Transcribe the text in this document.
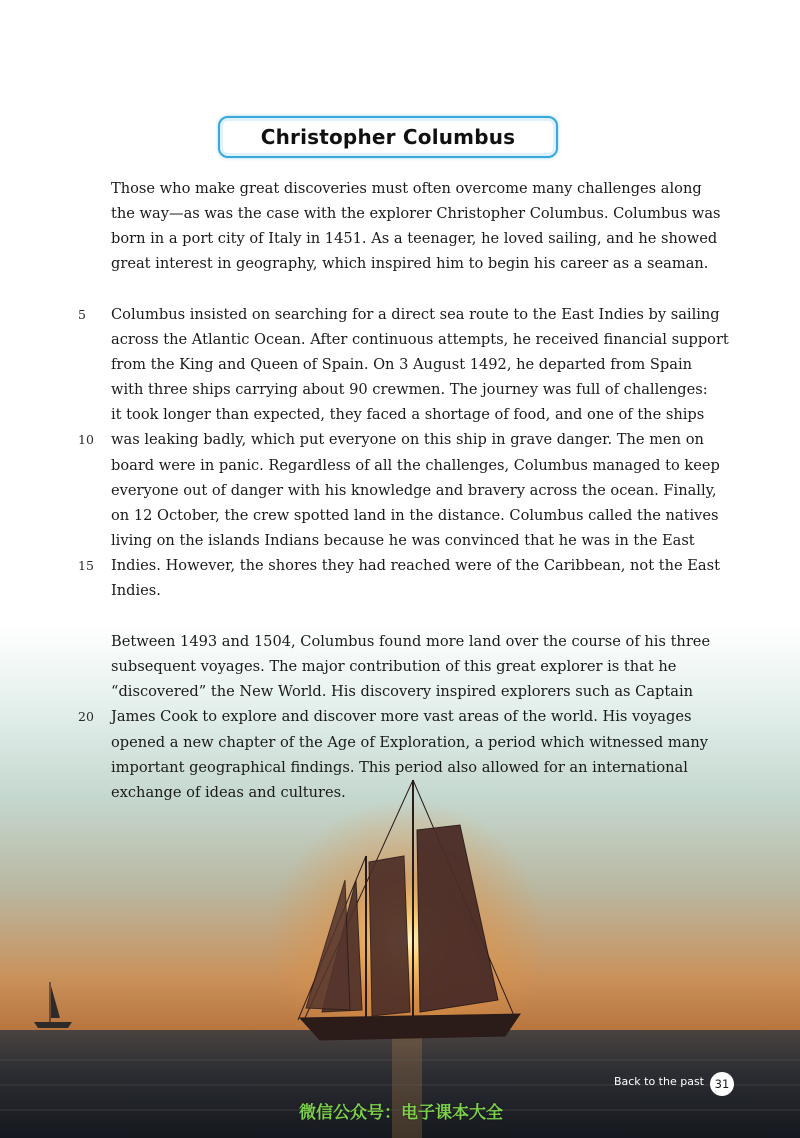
Christopher Columbus
Those who make great discoveries must often overcome many challenges along
the way—as was the case with the explorer Christopher Columbus. Columbus was
born in a port city of Italy in 1451. As a teenager, he loved sailing, and he showed
great interest in geography, which inspired him to begin his career as a seaman.
Columbus insisted on searching for a direct sea route to the East Indies by sailing
across the Atlantic Ocean. After continuous attempts, he received financial support
from the King and Queen of Spain. On 3 August 1492, he departed from Spain
with three ships carrying about 90 crewmen. The journey was full of challenges:
it took longer than expected, they faced a shortage of food, and one of the ships
was leaking badly, which put everyone on this ship in grave danger. The men on
board were in panic. Regardless of all the challenges, Columbus managed to keep
everyone out of danger with his knowledge and bravery across the ocean. Finally,
on 12 October, the crew spotted land in the distance. Columbus called the natives
living on the islands Indians because he was convinced that he was in the East
Indies. However, the shores they had reached were of the Caribbean, not the East
Indies.
Between 1493 and 1504, Columbus found more land over the course of his three
subsequent voyages. The major contribution of this great explorer is that he
“discovered” the New World. His discovery inspired explorers such as Captain
James Cook to explore and discover more vast areas of the world. His voyages
opened a new chapter of the Age of Exploration, a period which witnessed many
important geographical findings. This period also allowed for an international
exchange of ideas and cultures.
5
10
15
20
Back to the past 31
微信公众号：电子课本大全
